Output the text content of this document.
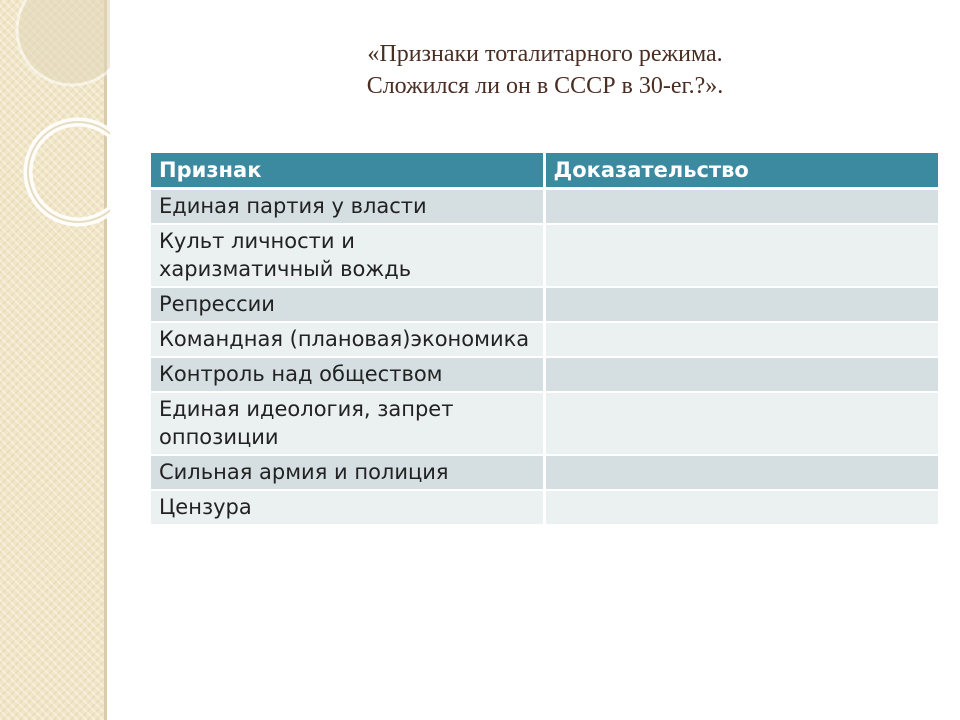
«Признаки тоталитарного режима.
Сложился ли он в СССР в 30-ег.?».
Признак	Доказательство
Единая партия у власти	
Культ личности и харизматичный вождь	
Репрессии	
Командная (плановая)экономика	
Контроль над обществом	
Единая идеология, запрет оппозиции	
Сильная армия и полиция	
Цензура	
